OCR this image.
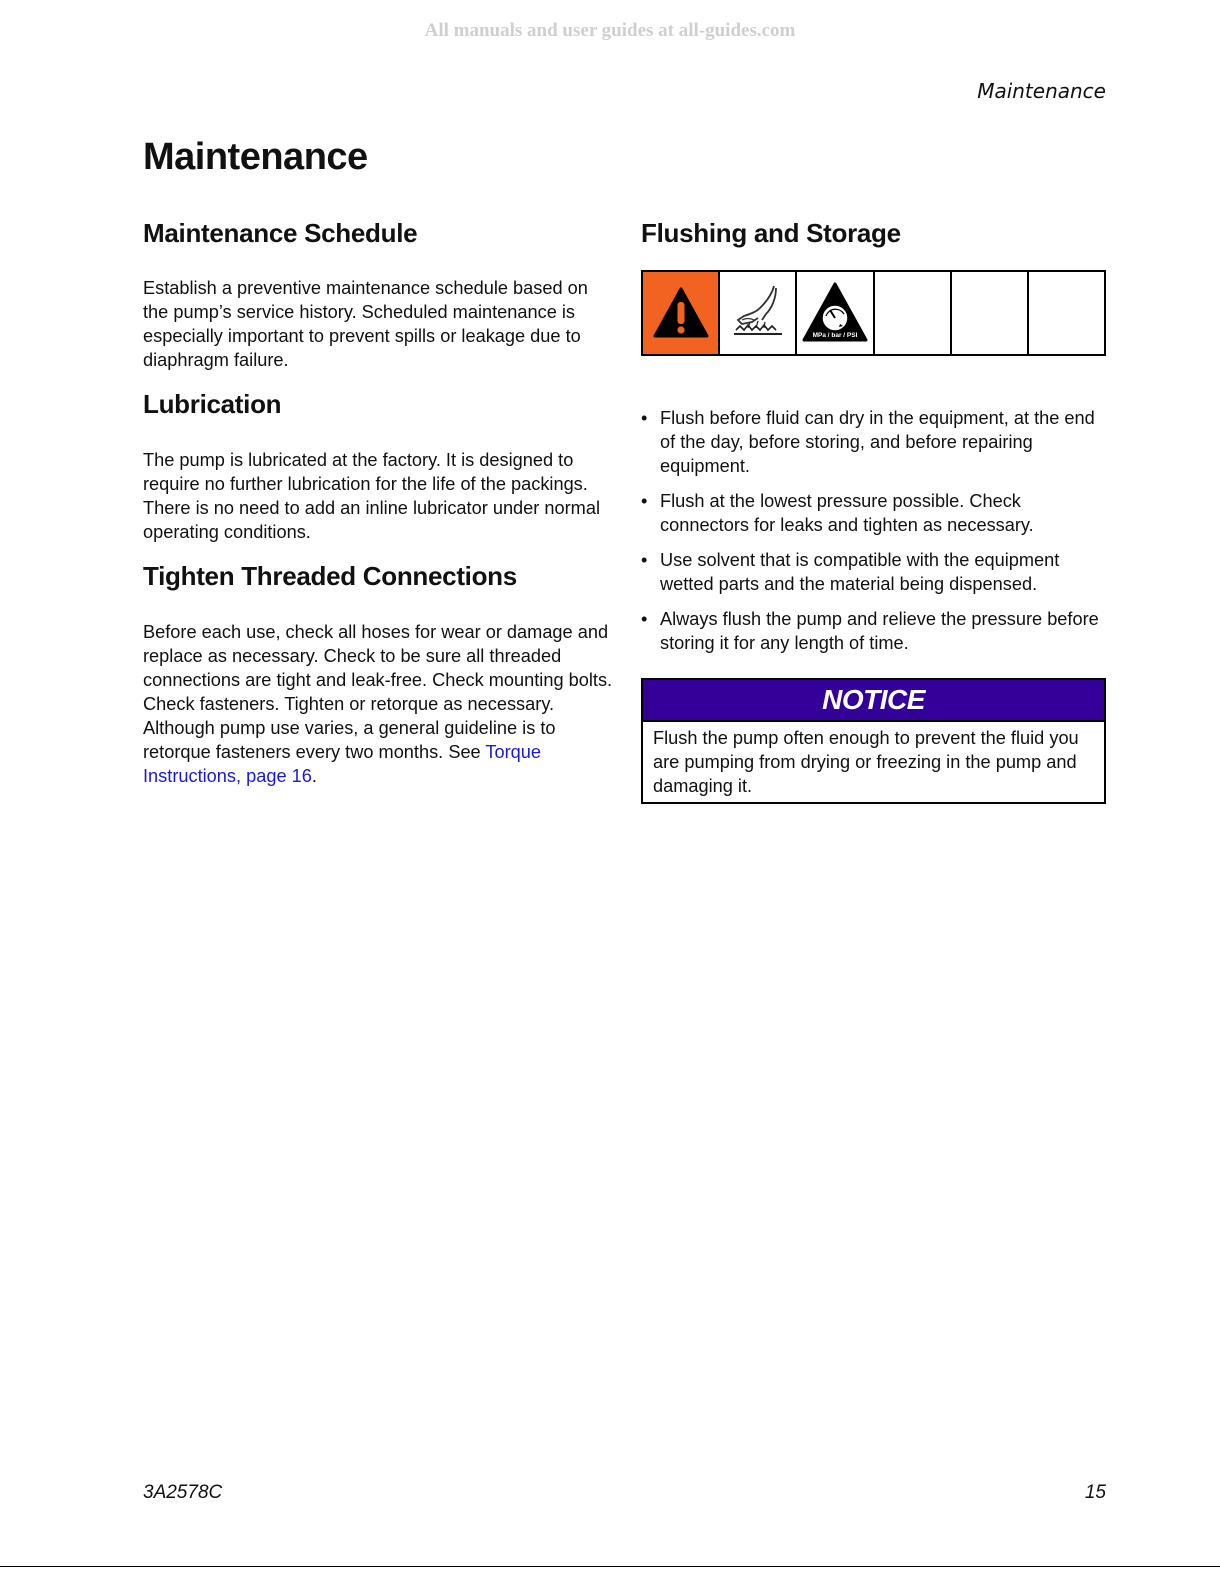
All manuals and user guides at all-guides.com
Maintenance
Maintenance
Maintenance Schedule

Establish a preventive maintenance schedule based on the pump’s service history. Scheduled maintenance is especially important to prevent spills or leakage due to diaphragm failure.

Lubrication

The pump is lubricated at the factory. It is designed to require no further lubrication for the life of the packings. There is no need to add an inline lubricator under normal operating conditions.

Tighten Threaded Connections

Before each use, check all hoses for wear or damage and replace as necessary. Check to be sure all threaded connections are tight and leak-free. Check mounting bolts. Check fasteners. Tighten or retorque as necessary. Although pump use varies, a general guideline is to retorque fasteners every two months. See Torque Instructions, page 16.

Flushing and Storage
MPa / bar / PSI
• Flush before fluid can dry in the equipment, at the end of the day, before storing, and before repairing equipment.
• Flush at the lowest pressure possible. Check connectors for leaks and tighten as necessary.
• Use solvent that is compatible with the equipment wetted parts and the material being dispensed.
• Always flush the pump and relieve the pressure before storing it for any length of time.
NOTICE
Flush the pump often enough to prevent the fluid you are pumping from drying or freezing in the pump and damaging it.
3A2578C	15
